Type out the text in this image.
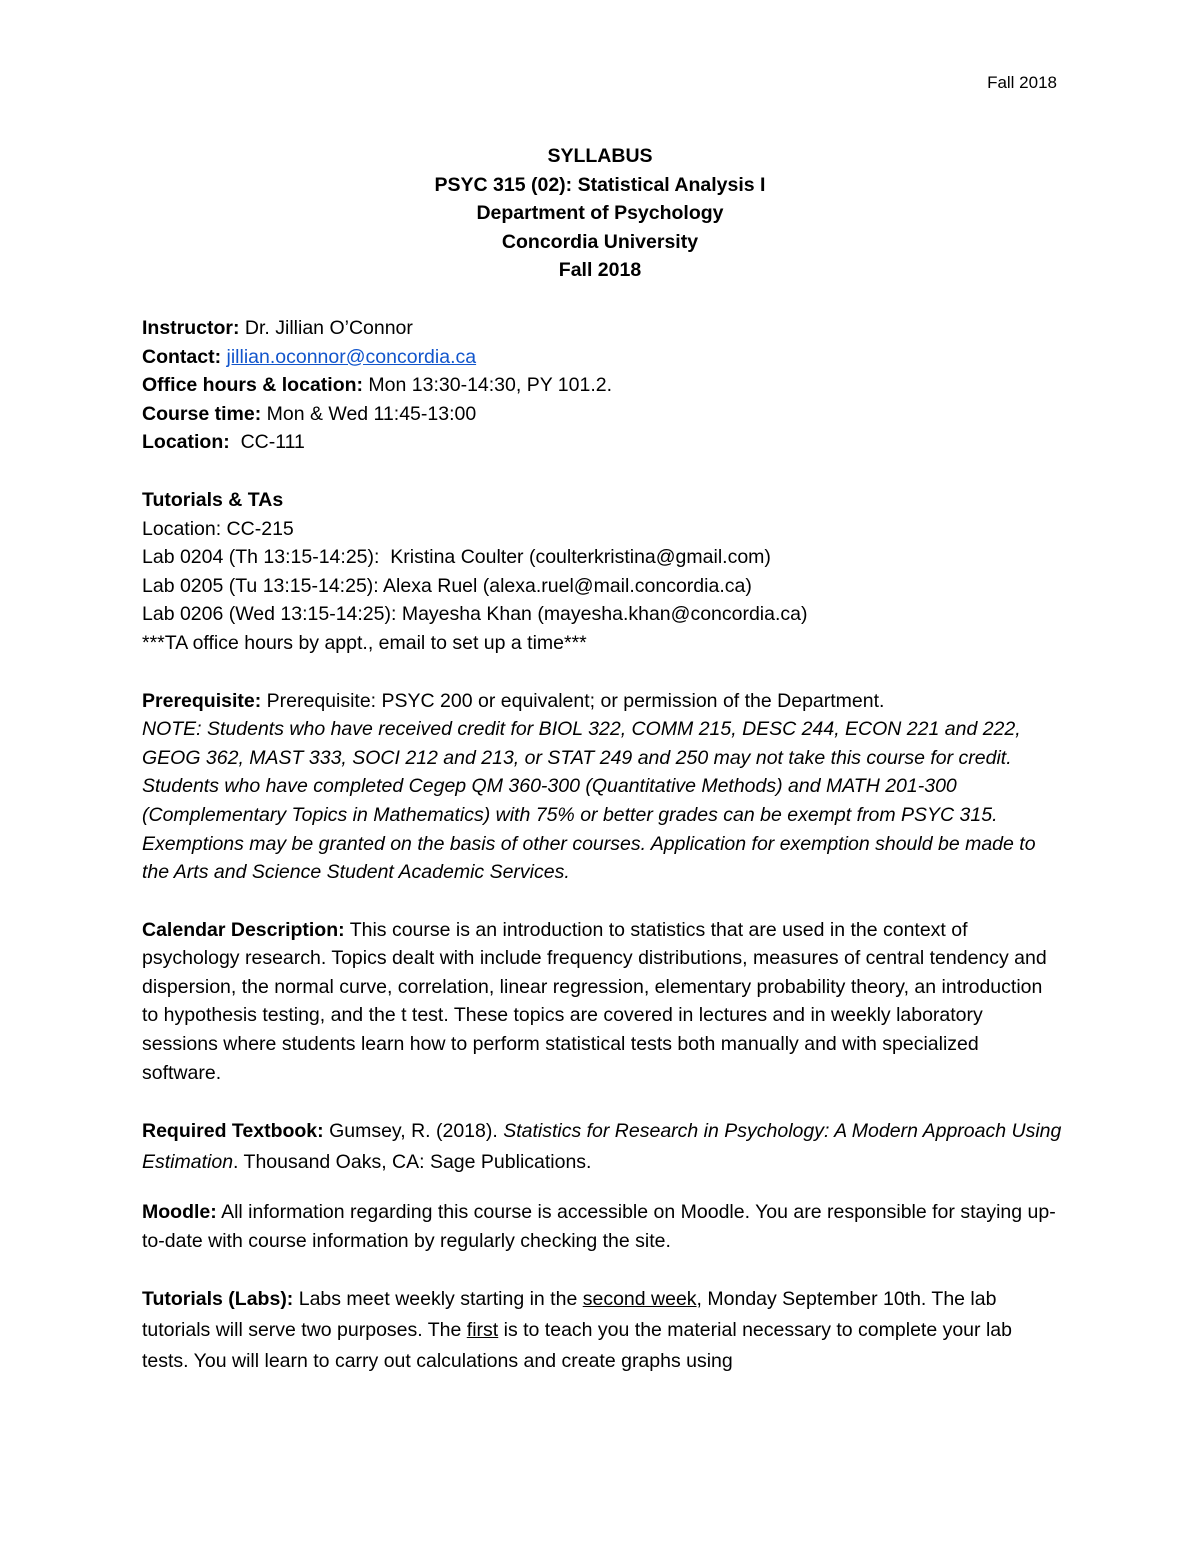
Fall 2018
SYLLABUS
PSYC 315 (02): Statistical Analysis I
Department of Psychology
Concordia University
Fall 2018

Instructor: Dr. Jillian O’Connor

Contact: jillian.oconnor@concordia.ca

Office hours & location: Mon 13:30-14:30, PY 101.2.

Course time: Mon & Wed 11:45-13:00

Location:  CC-111

Tutorials & TAs

Location: CC-215

Lab 0204 (Th 13:15-14:25):  Kristina Coulter (coulterkristina@gmail.com)

Lab 0205 (Tu 13:15-14:25): Alexa Ruel (alexa.ruel@mail.concordia.ca)

Lab 0206 (Wed 13:15-14:25): Mayesha Khan (mayesha.khan@concordia.ca)

***TA office hours by appt., email to set up a time***

Prerequisite: Prerequisite: PSYC 200 or equivalent; or permission of the Department.

NOTE: Students who have received credit for BIOL 322, COMM 215, DESC 244, ECON 221 and 222, GEOG 362, MAST 333, SOCI 212 and 213, or STAT 249 and 250 may not take this course for credit.

Students who have completed Cegep QM 360-300 (Quantitative Methods) and MATH 201-300 (Complementary Topics in Mathematics) with 75% or better grades can be exempt from PSYC 315. Exemptions may be granted on the basis of other courses. Application for exemption should be made to the Arts and Science Student Academic Services.

Calendar Description: This course is an introduction to statistics that are used in the context of psychology research. Topics dealt with include frequency distributions, measures of central tendency and dispersion, the normal curve, correlation, linear regression, elementary probability theory, an introduction to hypothesis testing, and the t test. These topics are covered in lectures and in weekly laboratory sessions where students learn how to perform statistical tests both manually and with specialized software.

Required Textbook: Gumsey, R. (2018). Statistics for Research in Psychology: A Modern Approach Using Estimation. Thousand Oaks, CA: Sage Publications.

Moodle: All information regarding this course is accessible on Moodle. You are responsible for staying up-to-date with course information by regularly checking the site.

Tutorials (Labs): Labs meet weekly starting in the second week, Monday September 10th. The lab tutorials will serve two purposes. The first is to teach you the material necessary to complete your lab tests. You will learn to carry out calculations and create graphs using
